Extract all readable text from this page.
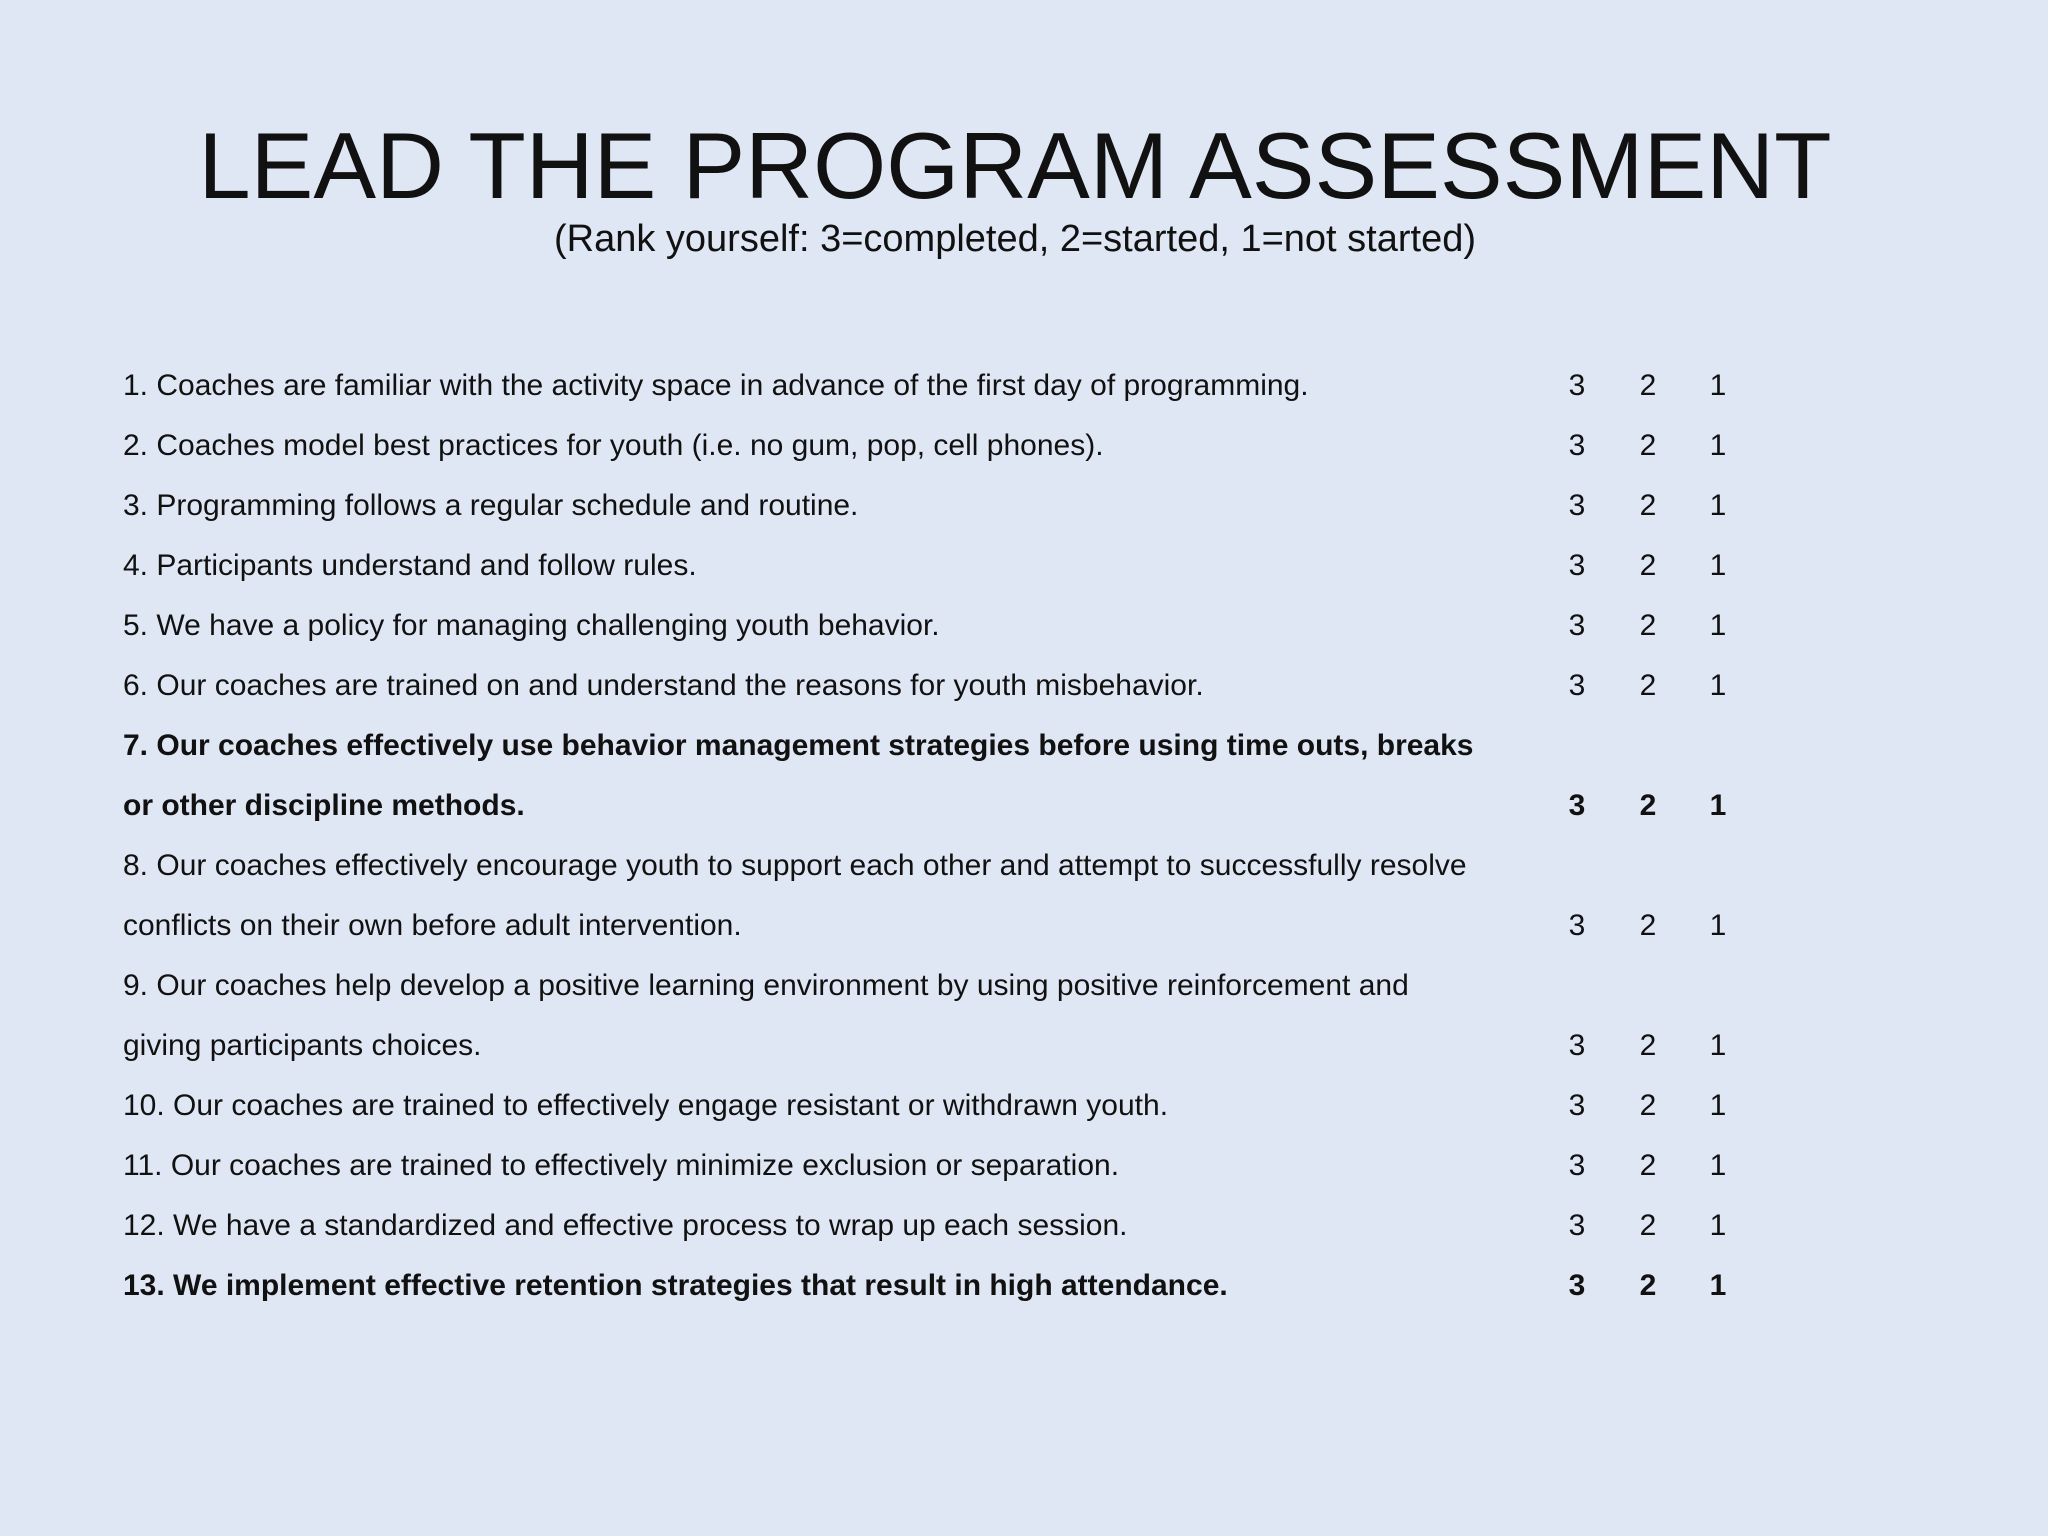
LEAD THE PROGRAM ASSESSMENT

(Rank yourself: 3=completed, 2=started, 1=not started)

1. Coaches are familiar with the activity space in advance of the first day of programming.	3	2	1
2. Coaches model best practices for youth (i.e. no gum, pop, cell phones).	3	2	1
3. Programming follows a regular schedule and routine.	3	2	1
4. Participants understand and follow rules.	3	2	1
5. We have a policy for managing challenging youth behavior.	3	2	1
6. Our coaches are trained on and understand the reasons for youth misbehavior.	3	2	1
7. Our coaches effectively use behavior management strategies before using time outs, breaks
or other discipline methods.	3	2	1
8. Our coaches effectively encourage youth to support each other and attempt to successfully resolve
conflicts on their own before adult intervention.	3	2	1
9. Our coaches help develop a positive learning environment by using positive reinforcement and
giving participants choices.	3	2	1
10. Our coaches are trained to effectively engage resistant or withdrawn youth.	3	2	1
11. Our coaches are trained to effectively minimize exclusion or separation.	3	2	1
12. We have a standardized and effective process to wrap up each session.	3	2	1
13. We implement effective retention strategies that result in high attendance.	3	2	1
